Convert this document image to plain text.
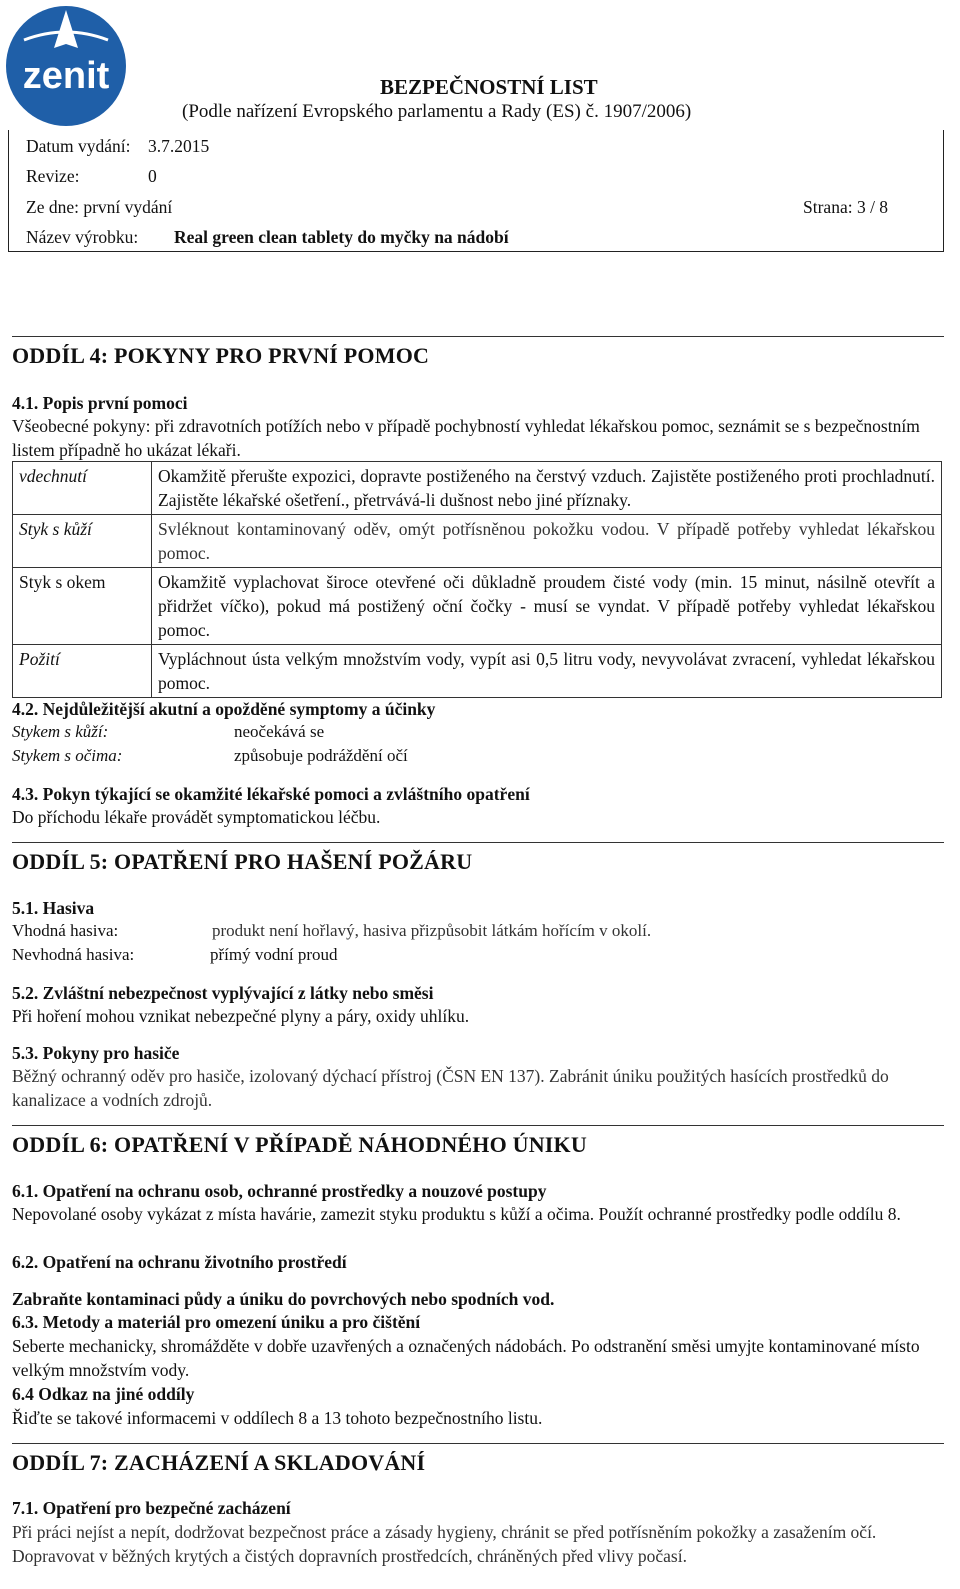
zenit	BEZPEČNOSTNÍ LIST
(Podle nařízení Evropského parlamentu a Rady (ES) č. 1907/2006)
Datum vydání: 3.7.2015
Revize:	0
Ze dne: první vydání	Strana: 3 / 8
Název výrobku: Real green clean tablety do myčky na nádobí
ODDÍL 4: POKYNY PRO PRVNÍ POMOC
4.1. Popis první pomoci
Všeobecné pokyny: při zdravotních potížích nebo v případě pochybností vyhledat lékařskou pomoc, seznámit se s bezpečnostním listem případně ho ukázat lékaři.
vdechnutí	Okamžitě přerušte expozici, dopravte postiženého na čerstvý vzduch. Zajistěte postiženého proti prochladnutí. Zajistěte lékařské ošetření., přetrvává-li dušnost nebo jiné příznaky.
Styk s kůží	Svléknout kontaminovaný oděv, omýt potřísněnou pokožku vodou. V případě potřeby vyhledat lékařskou pomoc.
Styk s okem	Okamžitě vyplachovat široce otevřené oči důkladně proudem čisté vody (min. 15 minut, násilně otevřít a přidržet víčko), pokud má postižený oční čočky - musí se vyndat. V případě potřeby vyhledat lékařskou pomoc.
Požití	Vypláchnout ústa velkým množstvím vody, vypít asi 0,5 litru vody, nevyvolávat zvracení, vyhledat lékařskou pomoc.
4.2. Nejdůležitější akutní a opožděné symptomy a účinky
Stykem s kůží:	neočekává se
Stykem s očima:	způsobuje podráždění očí
4.3. Pokyn týkající se okamžité lékařské pomoci a zvláštního opatření
Do příchodu lékaře provádět symptomatickou léčbu.
ODDÍL 5: OPATŘENÍ PRO HAŠENÍ POŽÁRU
5.1. Hasiva
Vhodná hasiva:	produkt není hořlavý, hasiva přizpůsobit látkám hořícím v okolí.
Nevhodná hasiva:	přímý vodní proud
5.2. Zvláštní nebezpečnost vyplývající z látky nebo směsi
Při hoření mohou vznikat nebezpečné plyny a páry, oxidy uhlíku.
5.3. Pokyny pro hasiče
Běžný ochranný oděv pro hasiče, izolovaný dýchací přístroj (ČSN EN 137). Zabránit úniku použitých hasících prostředků do kanalizace a vodních zdrojů.
ODDÍL 6: OPATŘENÍ V PŘÍPADĚ NÁHODNÉHO ÚNIKU
6.1. Opatření na ochranu osob, ochranné prostředky a nouzové postupy
Nepovolané osoby vykázat z místa havárie, zamezit styku produktu s kůží a očima. Použít ochranné prostředky podle oddílu 8.
6.2. Opatření na ochranu životního prostředí
Zabraňte kontaminaci půdy a úniku do povrchových nebo spodních vod.
6.3. Metody a materiál pro omezení úniku a pro čištění
Seberte mechanicky, shromážděte v dobře uzavřených a označených nádobách. Po odstranění směsi umyjte kontaminované místo velkým množstvím vody.
6.4 Odkaz na jiné oddíly
Řiďte se takové informacemi v oddílech 8 a 13 tohoto bezpečnostního listu.
ODDÍL 7: ZACHÁZENÍ A SKLADOVÁNÍ
7.1. Opatření pro bezpečné zacházení
Při práci nejíst a nepít, dodržovat bezpečnost práce a zásady hygieny, chránit se před potřísněním pokožky a zasažením očí. Dopravovat v běžných krytých a čistých dopravních prostředcích, chráněných před vlivy počasí.
